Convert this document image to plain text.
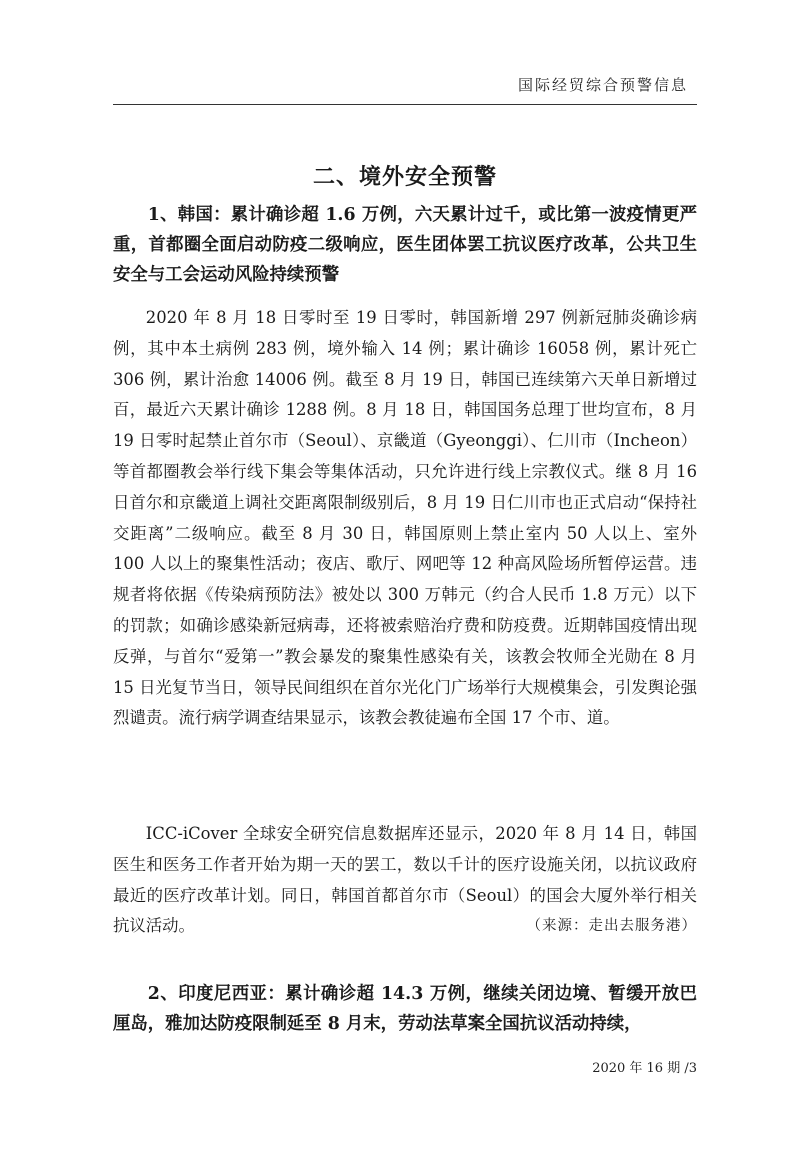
国际经贸综合预警信息
二、境外安全预警

1、韩国：累计确诊超 1.6 万例，六天累计过千，或比第一波疫情更严重，首都圈全面启动防疫二级响应，医生团体罢工抗议医疗改革，公共卫生安全与工会运动风险持续预警

2020 年 8 月 18 日零时至 19 日零时，韩国新增 297 例新冠肺炎确诊病例，其中本土病例 283 例，境外输入 14 例；累计确诊 16058 例，累计死亡 306 例，累计治愈 14006 例。截至 8 月 19 日，韩国已连续第六天单日新增过百，最近六天累计确诊 1288 例。8 月 18 日，韩国国务总理丁世均宣布，8 月 19 日零时起禁止首尔市（Seoul）、京畿道（Gyeonggi）、仁川市（Incheon）等首都圈教会举行线下集会等集体活动，只允许进行线上宗教仪式。继 8 月 16 日首尔和京畿道上调社交距离限制级别后，8 月 19 日仁川市也正式启动“保持社交距离”二级响应。截至 8 月 30 日，韩国原则上禁止室内 50 人以上、室外 100 人以上的聚集性活动；夜店、歌厅、网吧等 12 种高风险场所暂停运营。违规者将依据《传染病预防法》被处以 300 万韩元（约合人民币 1.8 万元）以下的罚款；如确诊感染新冠病毒，还将被索赔治疗费和防疫费。近期韩国疫情出现反弹，与首尔“爱第一”教会暴发的聚集性感染有关，该教会牧师全光勋在 8 月 15 日光复节当日，领导民间组织在首尔光化门广场举行大规模集会，引发舆论强烈谴责。流行病学调查结果显示，该教会教徒遍布全国 17 个市、道。

ICC-iCover 全球安全研究信息数据库还显示，2020 年 8 月 14 日，韩国医生和医务工作者开始为期一天的罢工，数以千计的医疗设施关闭，以抗议政府最近的医疗改革计划。同日，韩国首都首尔市（Seoul）的国会大厦外举行相关抗议活动。	（来源：走出去服务港）

2、印度尼西亚：累计确诊超 14.3 万例，继续关闭边境、暂缓开放巴厘岛，雅加达防疫限制延至 8 月末，劳动法草案全国抗议活动持续，

2020 年 16 期 /3
